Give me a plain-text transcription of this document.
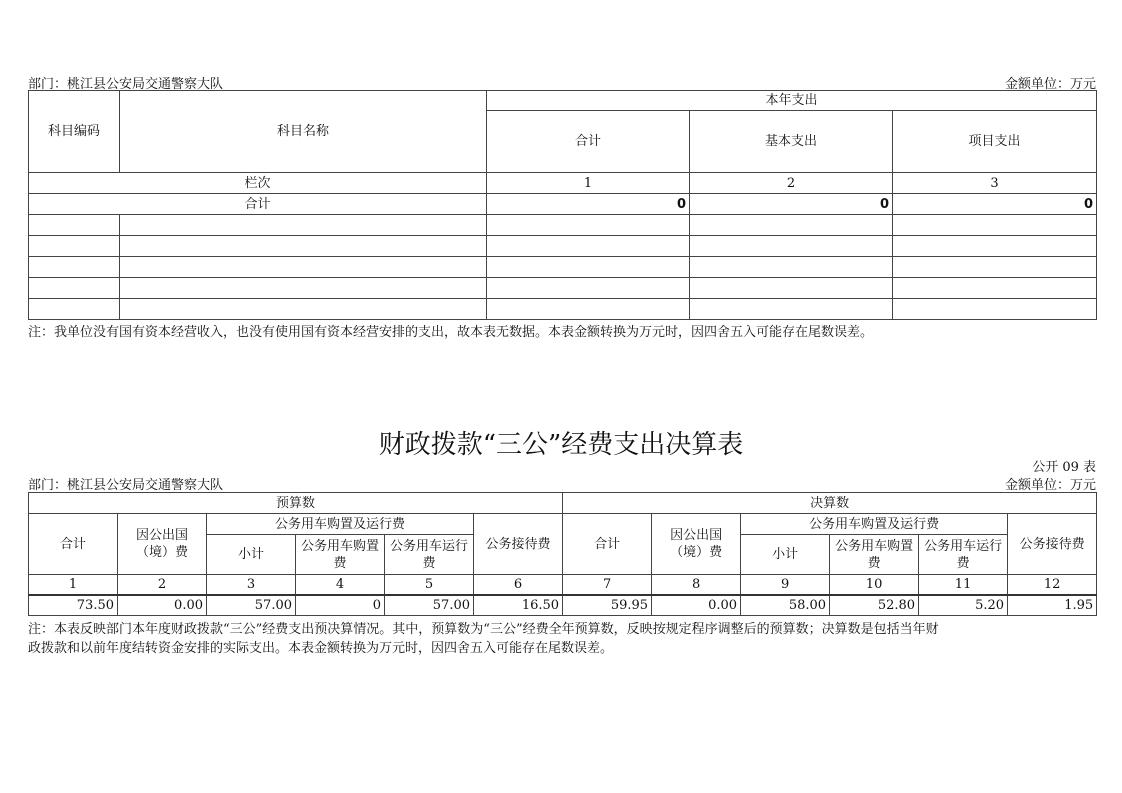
部门：桃江县公安局交通警察大队	金额单位：万元
科目编码	科目名称	本年支出		
		合计	基本支出	项目支出
栏次		1	2	3
合计		0	0	0

注：我单位没有国有资本经营收入，也没有使用国有资本经营安排的支出，故本表无数据。本表金额转换为万元时，因四舍五入可能存在尾数误差。
财政拨款“三公”经费支出决算表
公开 09 表
部门：桃江县公安局交通警察大队	金额单位：万元
预算数						决算数					
合计	因公出国（境）费	公务用车购置及运行费			公务接待费	合计	因公出国（境）费	公务用车购置及运行费			公务接待费
		小计	公务用车购置费	公务用车运行费				小计	公务用车购置费	公务用车运行费	
1	2	3	4	5	6	7	8	9	10	11	12
73.50	0.00	57.00	0	57.00	16.50	59.95	0.00	58.00	52.80	5.20	1.95
注：本表反映部门本年度财政拨款“三公”经费支出预决算情况。其中，预算数为“三公”经费全年预算数，反映按规定程序调整后的预算数；决算数是包括当年财
政拨款和以前年度结转资金安排的实际支出。本表金额转换为万元时，因四舍五入可能存在尾数误差。
